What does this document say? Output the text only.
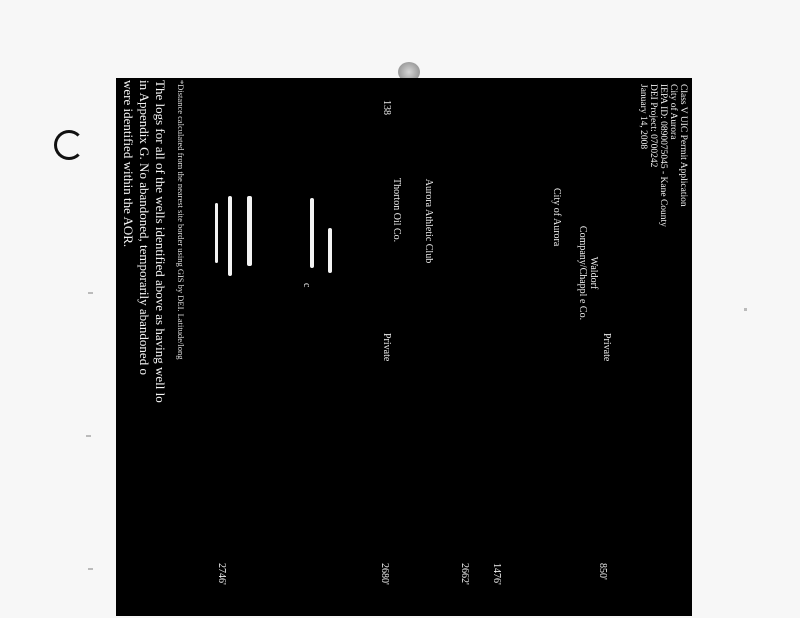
Class V UIC Permit Application
City of Aurora
IEPA ID: 0890075045 - Kane County
DEI Project: 0700242
January 14, 2008
City of Aurora
Waldorf Company/Chappl e Co.
Aurora Athletic Club
Thorton Oil Co.
138
Private
Private
c
850'
1476'
2662'
2680'
2746'
*Distance calculated from the nearest site border using GIS by DEI. Latitude/long
The logs for all of the wells identified above as having well lo
in Appendix G. No abandoned, temporarily abandoned o
were identified within the AOR.
